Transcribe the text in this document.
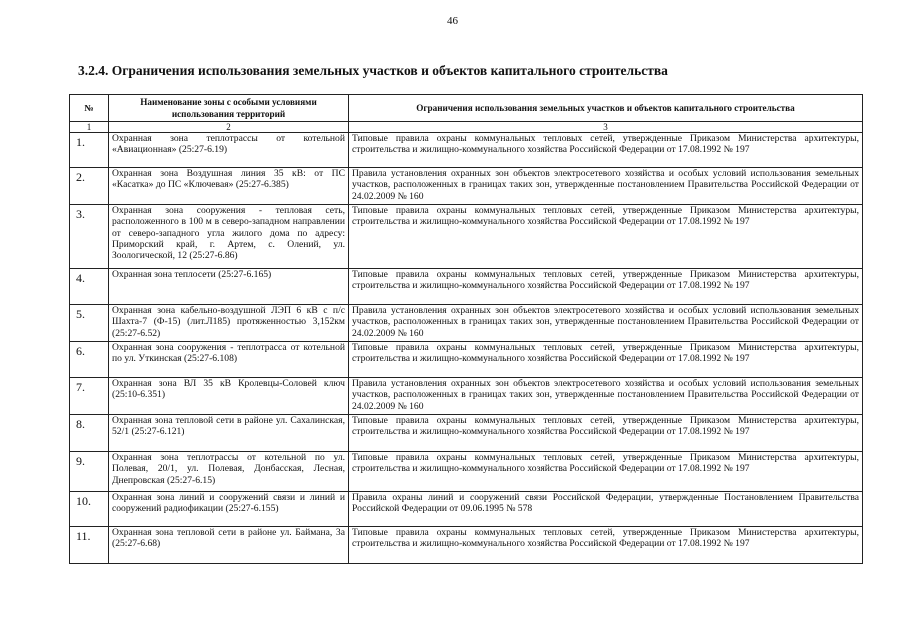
46
3.2.4. Ограничения использования земельных участков и объектов капитального строительства
№	Наименование зоны с особыми условиями использования территорий	Ограничения использования земельных участков и объектов капитального строительства
1	2	3
1.	Охранная зона теплотрассы от котельной «Авиационная» (25:27-6.19)	Типовые правила охраны коммунальных тепловых сетей, утвержденные Приказом Министерства архитектуры, строительства и жилищно-коммунального хозяйства Российской Федерации от 17.08.1992 № 197
2.	Охранная зона Воздушная линия 35 кВ: от ПС «Касатка» до ПС «Ключевая» (25:27-6.385)	Правила установления охранных зон объектов электросетевого хозяйства и особых условий использования земельных участков, расположенных в границах таких зон, утвержденные постановлением Правительства Российской Федерации от 24.02.2009 № 160
3.	Охранная зона сооружения - тепловая сеть, расположенного в 100 м в северо-западном направлении от северо-западного угла жилого дома по адресу: Приморский край, г. Артем, с. Олений, ул. Зоологической, 12 (25:27-6.86)	Типовые правила охраны коммунальных тепловых сетей, утвержденные Приказом Министерства архитектуры, строительства и жилищно-коммунального хозяйства Российской Федерации от 17.08.1992 № 197
4.	Охранная зона теплосети (25:27-6.165)	Типовые правила охраны коммунальных тепловых сетей, утвержденные Приказом Министерства архитектуры, строительства и жилищно-коммунального хозяйства Российской Федерации от 17.08.1992 № 197
5.	Охранная зона кабельно-воздушной ЛЭП 6 кВ с п/с Шахта-7 (Ф-15) (лит.Л185) протяженностью 3,152км (25:27-6.52)	Правила установления охранных зон объектов электросетевого хозяйства и особых условий использования земельных участков, расположенных в границах таких зон, утвержденные постановлением Правительства Российской Федерации от 24.02.2009 № 160
6.	Охранная зона сооружения - теплотрасса от котельной по ул. Уткинская (25:27-6.108)	Типовые правила охраны коммунальных тепловых сетей, утвержденные Приказом Министерства архитектуры, строительства и жилищно-коммунального хозяйства Российской Федерации от 17.08.1992 № 197
7.	Охранная зона ВЛ 35 кВ Кролевцы-Соловей ключ (25:10-6.351)	Правила установления охранных зон объектов электросетевого хозяйства и особых условий использования земельных участков, расположенных в границах таких зон, утвержденные постановлением Правительства Российской Федерации от 24.02.2009 № 160
8.	Охранная зона тепловой сети в районе ул. Сахалинская, 52/1 (25:27-6.121)	Типовые правила охраны коммунальных тепловых сетей, утвержденные Приказом Министерства архитектуры, строительства и жилищно-коммунального хозяйства Российской Федерации от 17.08.1992 № 197
9.	Охранная зона теплотрассы от котельной по ул. Полевая, 20/1, ул. Полевая, Донбасская, Лесная, Днепровская (25:27-6.15)	Типовые правила охраны коммунальных тепловых сетей, утвержденные Приказом Министерства архитектуры, строительства и жилищно-коммунального хозяйства Российской Федерации от 17.08.1992 № 197
10.	Охранная зона линий и сооружений связи и линий и сооружений радиофикации (25:27-6.155)	Правила охраны линий и сооружений связи Российской Федерации, утвержденные Постановлением Правительства Российской Федерации от 09.06.1995 № 578
11.	Охранная зона тепловой сети в районе ул. Баймана, 3а (25:27-6.68)	Типовые правила охраны коммунальных тепловых сетей, утвержденные Приказом Министерства архитектуры, строительства и жилищно-коммунального хозяйства Российской Федерации от 17.08.1992 № 197
